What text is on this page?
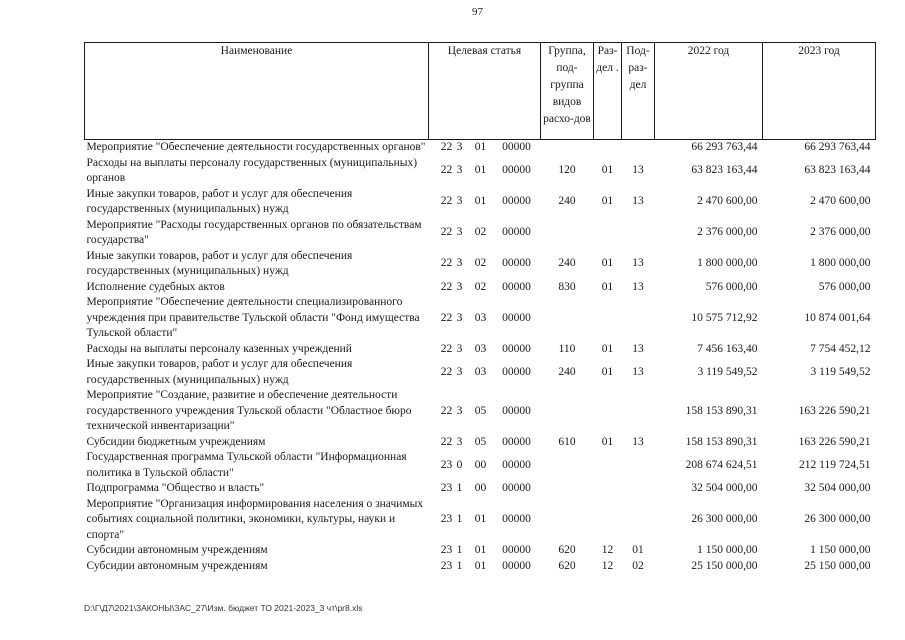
97
Наименование	Целевая статья	Группа, под-группа видов расхо-дов	Раз-дел .	Под-раз-дел	2022 год	2023 год
Мероприятие "Обеспечение деятельности государственных органов"	22 3 01 00000				66 293 763,44	66 293 763,44
Расходы на выплаты персоналу государственных (муниципальных) органов	22 3 01 00000	120	01	13	63 823 163,44	63 823 163,44
Иные закупки товаров, работ и услуг для обеспечения государственных (муниципальных) нужд	22 3 01 00000	240	01	13	2 470 600,00	2 470 600,00
Мероприятие "Расходы государственных органов по обязательствам государства"	22 3 02 00000				2 376 000,00	2 376 000,00
Иные закупки товаров, работ и услуг для обеспечения государственных (муниципальных) нужд	22 3 02 00000	240	01	13	1 800 000,00	1 800 000,00
Исполнение судебных актов	22 3 02 00000	830	01	13	576 000,00	576 000,00
Мероприятие "Обеспечение деятельности специализированного учреждения при правительстве Тульской области "Фонд имущества Тульской области"	22 3 03 00000				10 575 712,92	10 874 001,64
Расходы на выплаты персоналу казенных учреждений	22 3 03 00000	110	01	13	7 456 163,40	7 754 452,12
Иные закупки товаров, работ и услуг для обеспечения государственных (муниципальных) нужд	22 3 03 00000	240	01	13	3 119 549,52	3 119 549,52
Мероприятие "Создание, развитие и обеспечение деятельности государственного учреждения Тульской области "Областное бюро технической инвентаризации"	22 3 05 00000				158 153 890,31	163 226 590,21
Субсидии бюджетным учреждениям	22 3 05 00000	610	01	13	158 153 890,31	163 226 590,21
Государственная программа Тульской области "Информационная политика в Тульской области"	23 0 00 00000				208 674 624,51	212 119 724,51
Подпрограмма "Общество и власть"	23 1 00 00000				32 504 000,00	32 504 000,00
Мероприятие "Организация информирования населения о значимых событиях социальной политики, экономики, культуры, науки и спорта"	23 1 01 00000				26 300 000,00	26 300 000,00
Субсидии автономным учреждениям	23 1 01 00000	620	12	01	1 150 000,00	1 150 000,00
Субсидии автономным учреждениям	23 1 01 00000	620	12	02	25 150 000,00	25 150 000,00
D:\Г\Д7\2021\ЗАКОНЫ\ЗАС_27\Изм. бюджет ТО 2021-2023_3 чт\pr8.xls
